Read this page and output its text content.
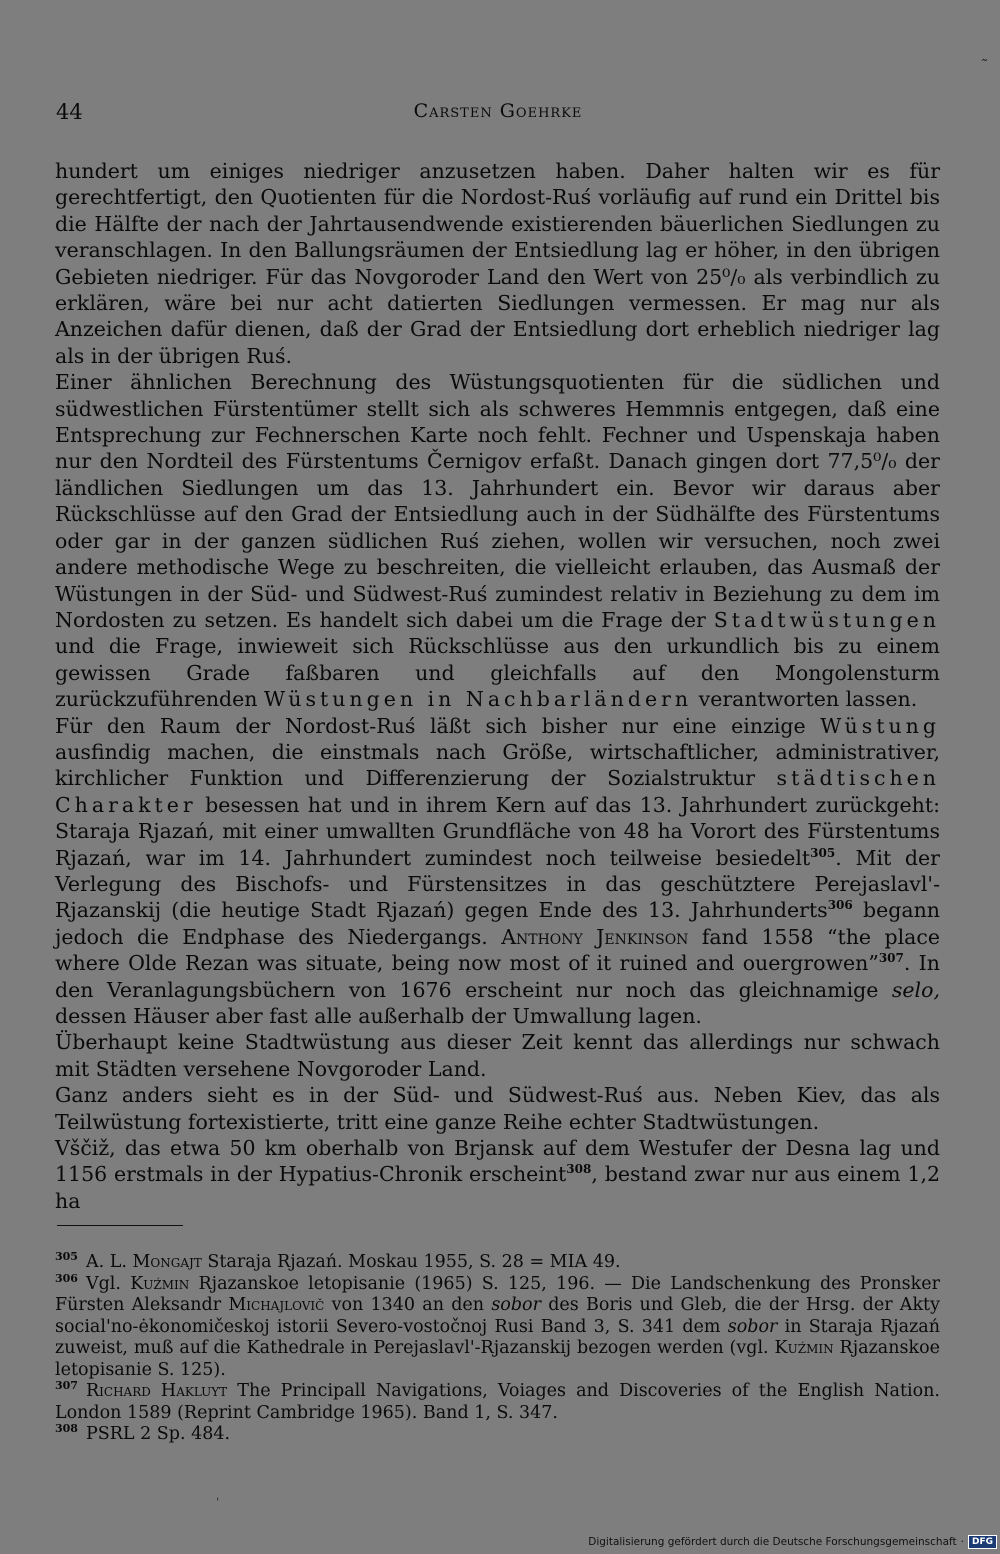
˜
44	Carsten Goehrke

hundert um einiges niedriger anzusetzen haben. Daher halten wir es für gerechtfertigt, den Quotienten für die Nordost-Ruś vorläufig auf rund ein Drittel bis die Hälfte der nach der Jahrtausendwende existierenden bäuerlichen Siedlungen zu veranschlagen. In den Ballungsräumen der Entsiedlung lag er höher, in den übrigen Gebieten niedriger. Für das Novgoroder Land den Wert von 25⁰/₀ als verbindlich zu erklären, wäre bei nur acht datierten Siedlungen vermessen. Er mag nur als Anzeichen dafür dienen, daß der Grad der Entsiedlung dort erheblich niedriger lag als in der übrigen Ruś.

Einer ähnlichen Berechnung des Wüstungsquotienten für die südlichen und südwestlichen Fürstentümer stellt sich als schweres Hemmnis entgegen, daß eine Entsprechung zur Fechnerschen Karte noch fehlt. Fechner und Uspenskaja haben nur den Nordteil des Fürstentums Černigov erfaßt. Danach gingen dort 77,5⁰/₀ der ländlichen Siedlungen um das 13. Jahrhundert ein. Bevor wir daraus aber Rückschlüsse auf den Grad der Entsiedlung auch in der Südhälfte des Fürstentums oder gar in der ganzen südlichen Ruś ziehen, wollen wir versuchen, noch zwei andere methodische Wege zu beschreiten, die vielleicht erlauben, das Ausmaß der Wüstungen in der Süd- und Südwest-Ruś zumindest relativ in Beziehung zu dem im Nordosten zu setzen. Es handelt sich dabei um die Frage der Stadtwüstungen und die Frage, inwieweit sich Rückschlüsse aus den urkundlich bis zu einem gewissen Grade faßbaren und gleichfalls auf den Mongolensturm zurückzuführenden Wüstungen in Nachbarländern verantworten lassen.

Für den Raum der Nordost-Ruś läßt sich bisher nur eine einzige Wüstung ausfindig machen, die einstmals nach Größe, wirtschaftlicher, administrativer, kirchlicher Funktion und Differenzierung der Sozialstruktur städtischen Charakter besessen hat und in ihrem Kern auf das 13. Jahrhundert zurückgeht: Staraja Rjazań, mit einer umwallten Grundfläche von 48 ha Vorort des Fürstentums Rjazań, war im 14. Jahrhundert zumindest noch teilweise besiedelt$^{305}$. Mit der Verlegung des Bischofs- und Fürstensitzes in das geschütztere Perejaslavl'-Rjazanskij (die heutige Stadt Rjazań) gegen Ende des 13. Jahrhunderts$^{306}$ begann jedoch die Endphase des Niedergangs. Anthony Jenkinson fand 1558 “the place where Olde Rezan was situate, being now most of it ruined and ouergrowen”$^{307}$. In den Veranlagungsbüchern von 1676 erscheint nur noch das gleichnamige selo, dessen Häuser aber fast alle außerhalb der Umwallung lagen.

Überhaupt keine Stadtwüstung aus dieser Zeit kennt das allerdings nur schwach mit Städten versehene Novgoroder Land.

Ganz anders sieht es in der Süd- und Südwest-Ruś aus. Neben Kiev, das als Teilwüstung fortexistierte, tritt eine ganze Reihe echter Stadtwüstungen.

Vščiž, das etwa 50 km oberhalb von Brjansk auf dem Westufer der Desna lag und 1156 erstmals in der Hypatius-Chronik erscheint$^{308}$, bestand zwar nur aus einem 1,2 ha

$^{305}$ A. L. Mongajt Staraja Rjazań. Moskau 1955, S. 28 = MIA 49.

$^{306}$ Vgl. Kuźmin Rjazanskoe letopisanie (1965) S. 125, 196. — Die Landschenkung des Pronsker Fürsten Aleksandr Michajlovič von 1340 an den sobor des Boris und Gleb, die der Hrsg. der Akty social'no-ėkonomičeskoj istorii Severo-vostočnoj Rusi Band 3, S. 341 dem sobor in Staraja Rjazań zuweist, muß auf die Kathedrale in Perejaslavl'-Rjazanskij bezogen werden (vgl. Kuźmin Rjazanskoe letopisanie S. 125).

$^{307}$ Richard Hakluyt The Principall Navigations, Voiages and Discoveries of the English Nation. London 1589 (Reprint Cambridge 1965). Band 1, S. 347.

$^{308}$ PSRL 2 Sp. 484.

ˌ
Digitalisierung gefördert durch die Deutsche Forschungsgemeinschaft · DFG
